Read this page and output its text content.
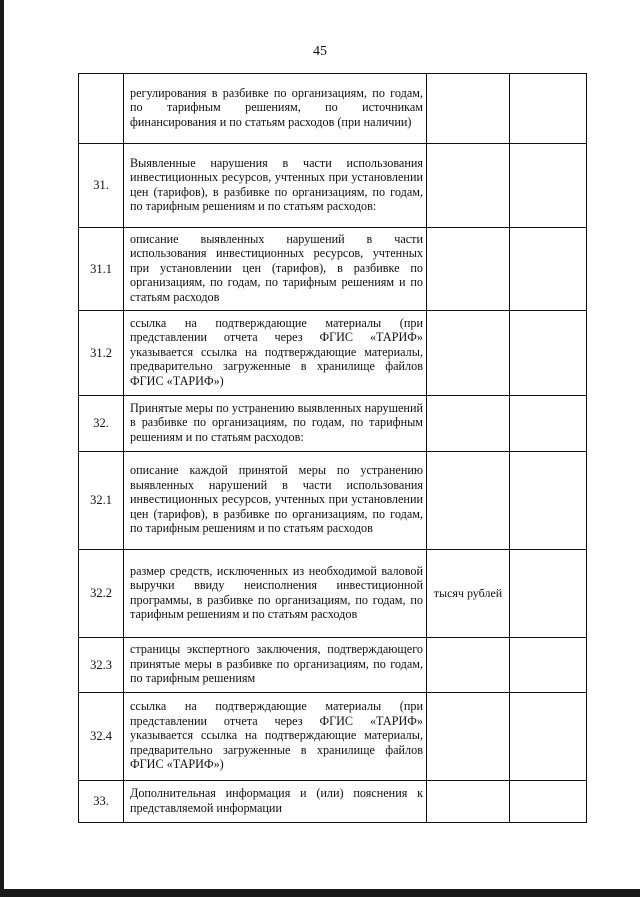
45
	регулирования в разбивке по организациям, по годам, по тарифным решениям, по источникам финансирования и по статьям расходов (при наличии)		
31.	Выявленные нарушения в части использования инвестиционных ресурсов, учтенных при установлении цен (тарифов), в разбивке по организациям, по годам, по тарифным решениям и по статьям расходов:		
31.1	описание выявленных нарушений в части использования инвестиционных ресурсов, учтенных при установлении цен (тарифов), в разбивке по организациям, по годам, по тарифным решениям и по статьям расходов		
31.2	ссылка на подтверждающие материалы (при представлении отчета через ФГИС «ТАРИФ» указывается ссылка на подтверждающие материалы, предварительно загруженные в хранилище файлов ФГИС «ТАРИФ»)		
32.	Принятые меры по устранению выявленных нарушений в разбивке по организациям, по годам, по тарифным решениям и по статьям расходов:		
32.1	описание каждой принятой меры по устранению выявленных нарушений в части использования инвестиционных ресурсов, учтенных при установлении цен (тарифов), в разбивке по организациям, по годам, по тарифным решениям и по статьям расходов		
32.2	размер средств, исключенных из необходимой валовой выручки ввиду неисполнения инвестиционной программы, в разбивке по организациям, по годам, по тарифным решениям и по статьям расходов	тысяч рублей	
32.3	страницы экспертного заключения, подтверждающего принятые меры в разбивке по организациям, по годам, по тарифным решениям		
32.4	ссылка на подтверждающие материалы (при представлении отчета через ФГИС «ТАРИФ» указывается ссылка на подтверждающие материалы, предварительно загруженные в хранилище файлов ФГИС «ТАРИФ»)		
33.	Дополнительная информация и (или) пояснения к представляемой информации		
